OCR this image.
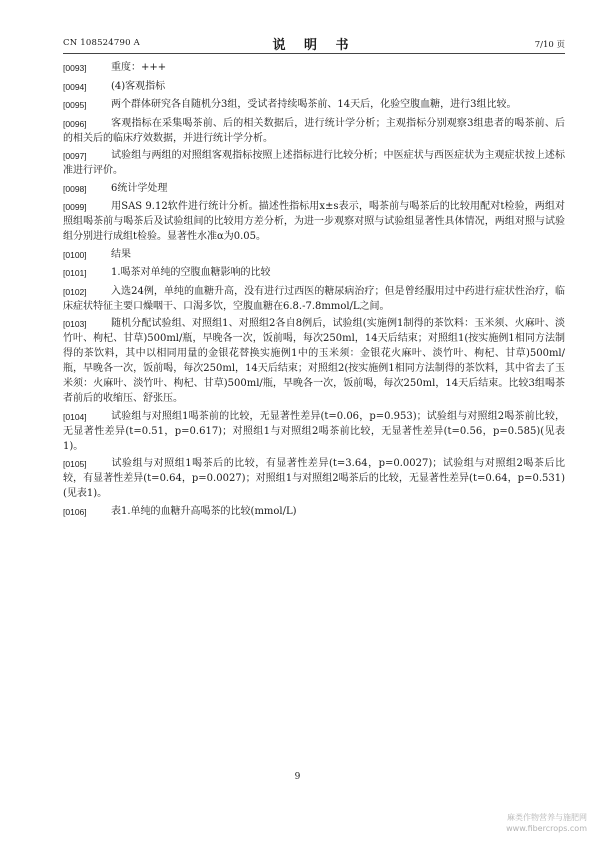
CN 108524790 A	说 明 书	7/10 页
[0093]	重度：+++
[0094]	(4)客观指标
[0095]	两个群体研究各自随机分3组，受试者持续喝茶前、14天后，化验空腹血糖，进行3组比较。
[0096]	客观指标在采集喝茶前、后的相关数据后，进行统计学分析；主观指标分别观察3组患者的喝茶前、后的相关后的临床疗效数据，并进行统计学分析。
[0097]	试验组与两组的对照组客观指标按照上述指标进行比较分析；中医症状与西医症状为主观症状按上述标准进行评价。
[0098]	6统计学处理
[0099]	用SAS 9.12软件进行统计分析。描述性指标用x±s表示，喝茶前与喝茶后的比较用配对t检验，两组对照组喝茶前与喝茶后及试验组间的比较用方差分析，为进一步观察对照与试验组显著性具体情况，两组对照与试验组分别进行成组t检验。显著性水准α为0.05。
[0100]	结果
[0101]	1.喝茶对单纯的空腹血糖影响的比较
[0102]	入选24例，单纯的血糖升高，没有进行过西医的糖尿病治疗；但是曾经服用过中药进行症状性治疗，临床症状特征主要口燥咽干、口渴多饮，空腹血糖在6.8.-7.8mmol/L之间。
[0103]	随机分配试验组、对照组1、对照组2各自8例后，试验组(实施例1制得的茶饮料：玉米须、火麻叶、淡竹叶、枸杞、甘草)500ml/瓶，早晚各一次，饭前喝，每次250ml，14天后结束；对照组1(按实施例1相同方法制得的茶饮料，其中以相同用量的金银花替换实施例1中的玉米须：金银花火麻叶、淡竹叶、枸杞、甘草)500ml/瓶，早晚各一次，饭前喝，每次250ml，14天后结束；对照组2(按实施例1相同方法制得的茶饮料，其中省去了玉米须：火麻叶、淡竹叶、枸杞、甘草)500ml/瓶，早晚各一次，饭前喝，每次250ml，14天后结束。比较3组喝茶者前后的收缩压、舒张压。
[0104]	试验组与对照组1喝茶前的比较，无显著性差异(t=0.06，p=0.953)；试验组与对照组2喝茶前比较，无显著性差异(t=0.51，p=0.617)；对照组1与对照组2喝茶前比较，无显著性差异(t=0.56，p=0.585)(见表1)。
[0105]	试验组与对照组1喝茶后的比较，有显著性差异(t=3.64，p=0.0027)；试验组与对照组2喝茶后比较，有显著性差异(t=0.64，p=0.0027)；对照组1与对照组2喝茶后的比较，无显著性差异(t=0.64，p=0.531)(见表1)。
[0106]	表1.单纯的血糖升高喝茶的比较(mmol/L)
9
麻类作物营养与施肥网
www.fibercrops.com
